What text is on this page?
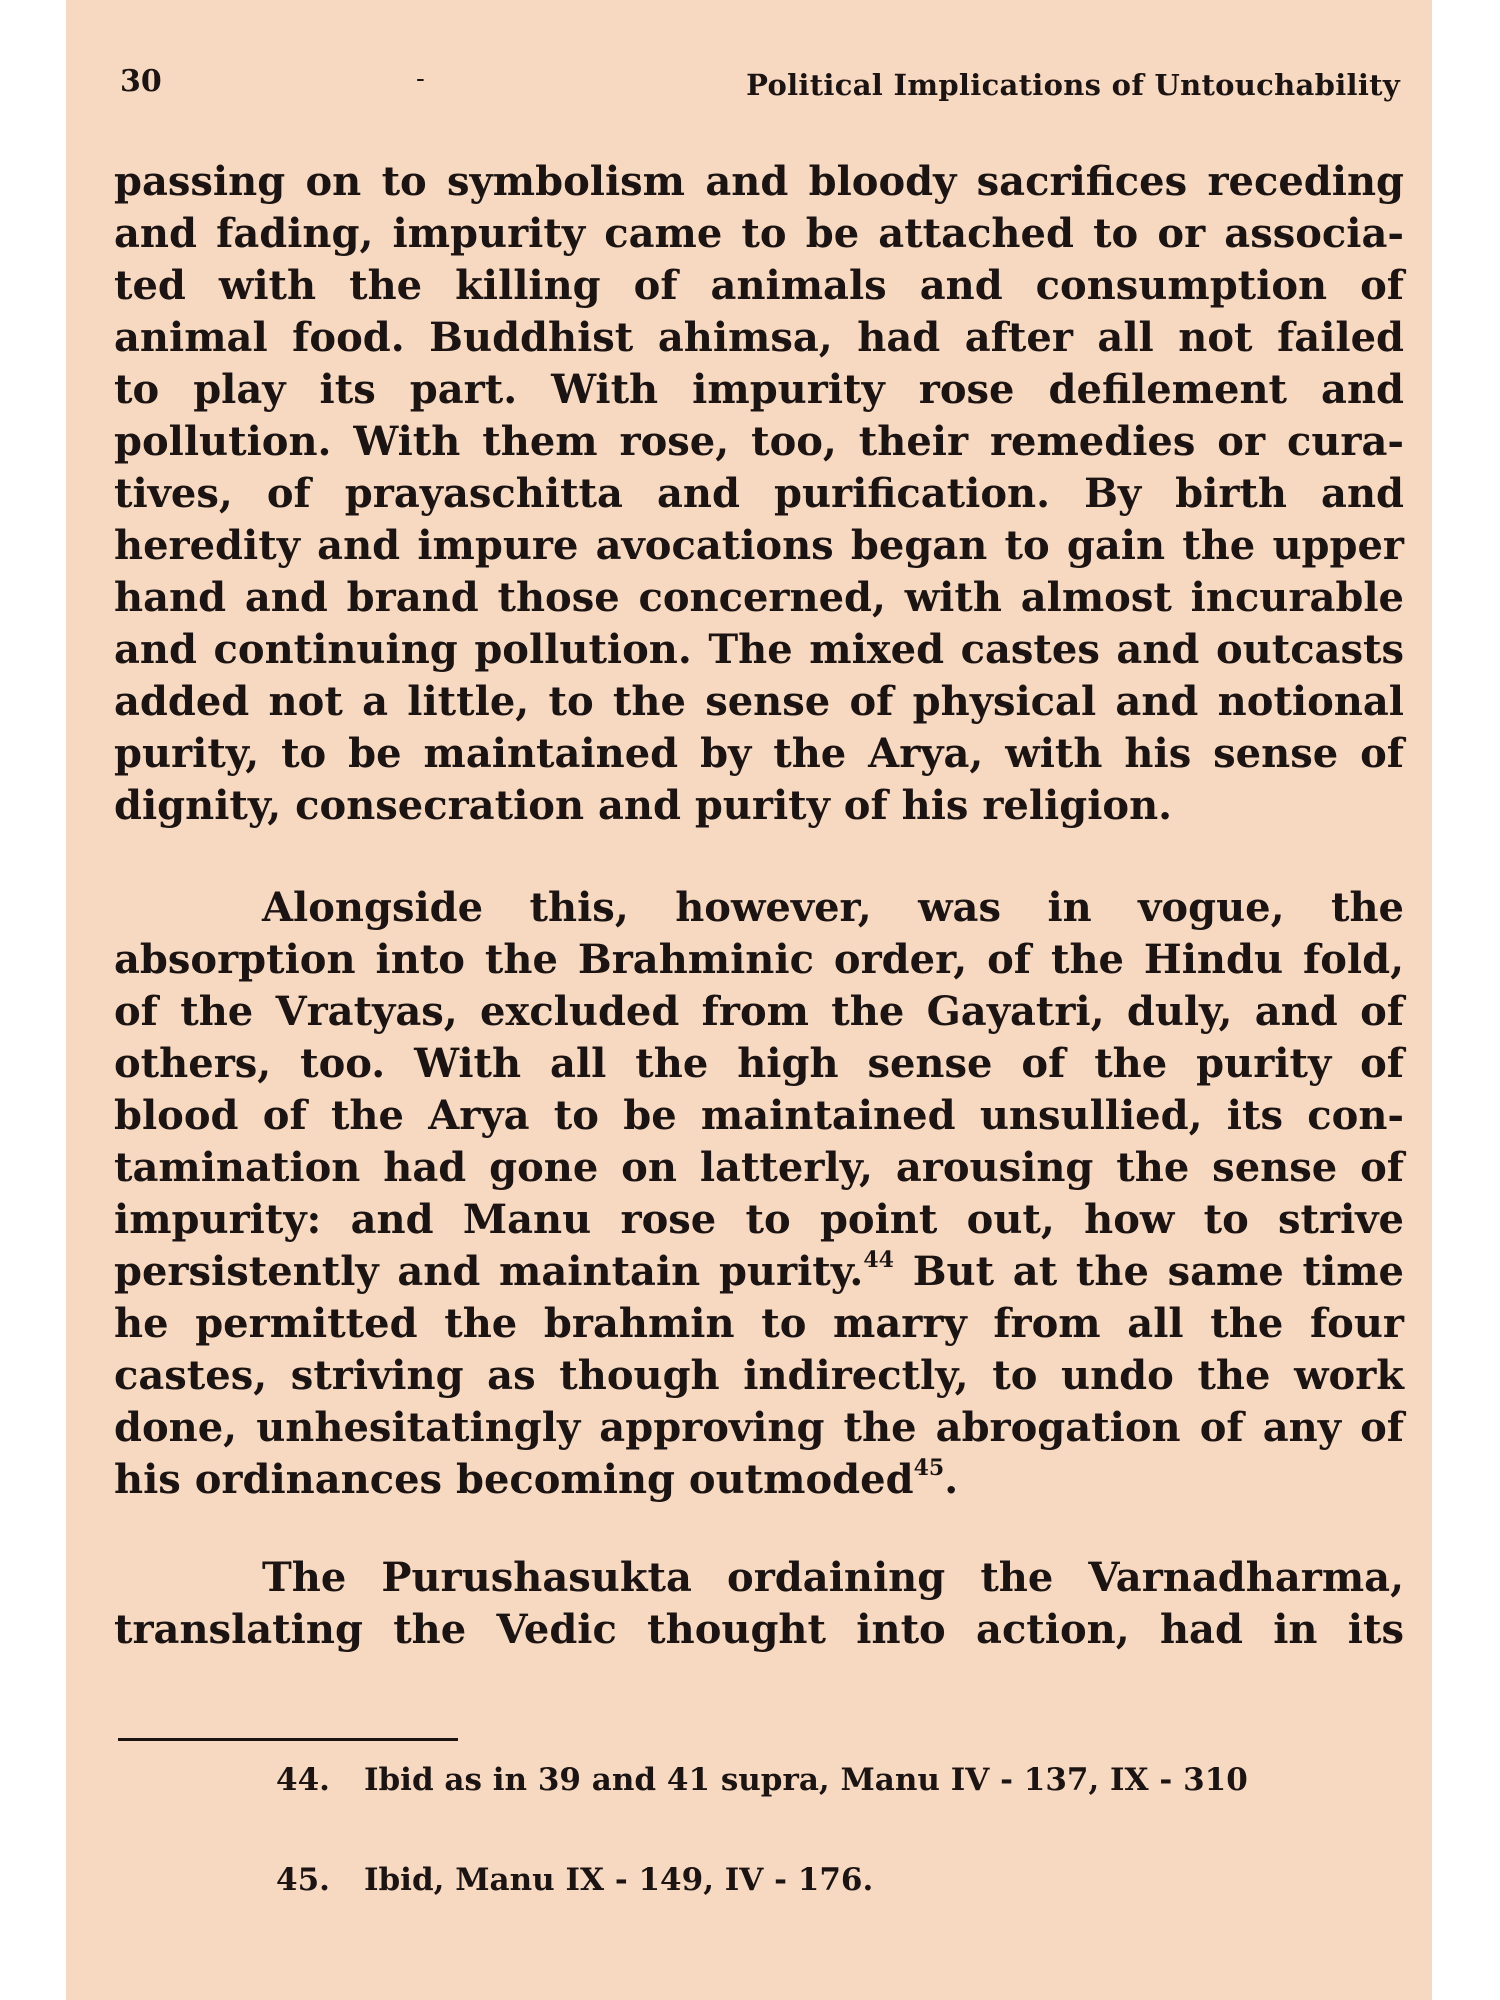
30	-	Political Implications of Untouchability
passing on to symbolism and bloody sacrifices receding
and fading, impurity came to be attached to or associa-
ted with the killing of animals and consumption of
animal food. Buddhist ahimsa, had after all not failed
to play its part. With impurity rose defilement and
pollution. With them rose, too, their remedies or cura-
tives, of prayaschitta and purification. By birth and
heredity and impure avocations began to gain the upper
hand and brand those concerned, with almost incurable
and continuing pollution. The mixed castes and outcasts
added not a little, to the sense of physical and notional
purity, to be maintained by the Arya, with his sense of
dignity, consecration and purity of his religion.
Alongside this, however, was in vogue, the
absorption into the Brahminic order, of the Hindu fold,
of the Vratyas, excluded from the Gayatri, duly, and of
others, too. With all the high sense of the purity of
blood of the Arya to be maintained unsullied, its con-
tamination had gone on latterly, arousing the sense of
impurity: and Manu rose to point out, how to strive
persistently and maintain purity.$^{44}$ But at the same time
he permitted the brahmin to marry from all the four
castes, striving as though indirectly, to undo the work
done, unhesitatingly approving the abrogation of any of
his ordinances becoming outmoded$^{45}$.
The Purushasukta ordaining the Varnadharma,
translating the Vedic thought into action, had in its
44. Ibid as in 39 and 41 supra, Manu IV - 137, IX - 310
45. Ibid, Manu IX - 149, IV - 176.
